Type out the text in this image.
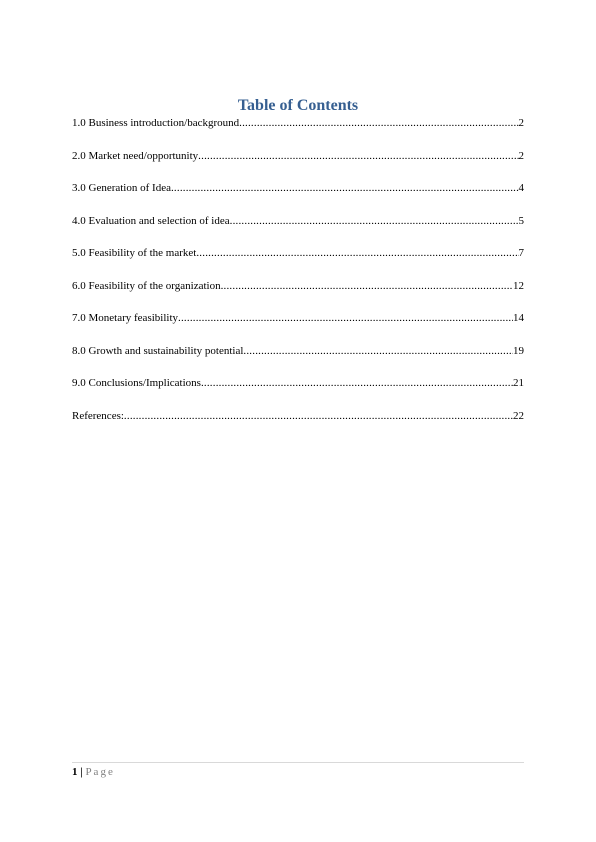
Table of Contents
1.0 Business introduction/background .....	2
2.0 Market need/opportunity .....	2
3.0 Generation of Idea .....	4
4.0 Evaluation and selection of idea .....	5
5.0 Feasibility of the market .....	7
6.0 Feasibility of the organization .....	12
7.0 Monetary feasibility .....	14
8.0 Growth and sustainability potential .....	19
9.0 Conclusions/Implications .....	21
References: .....	22
1 | Page
